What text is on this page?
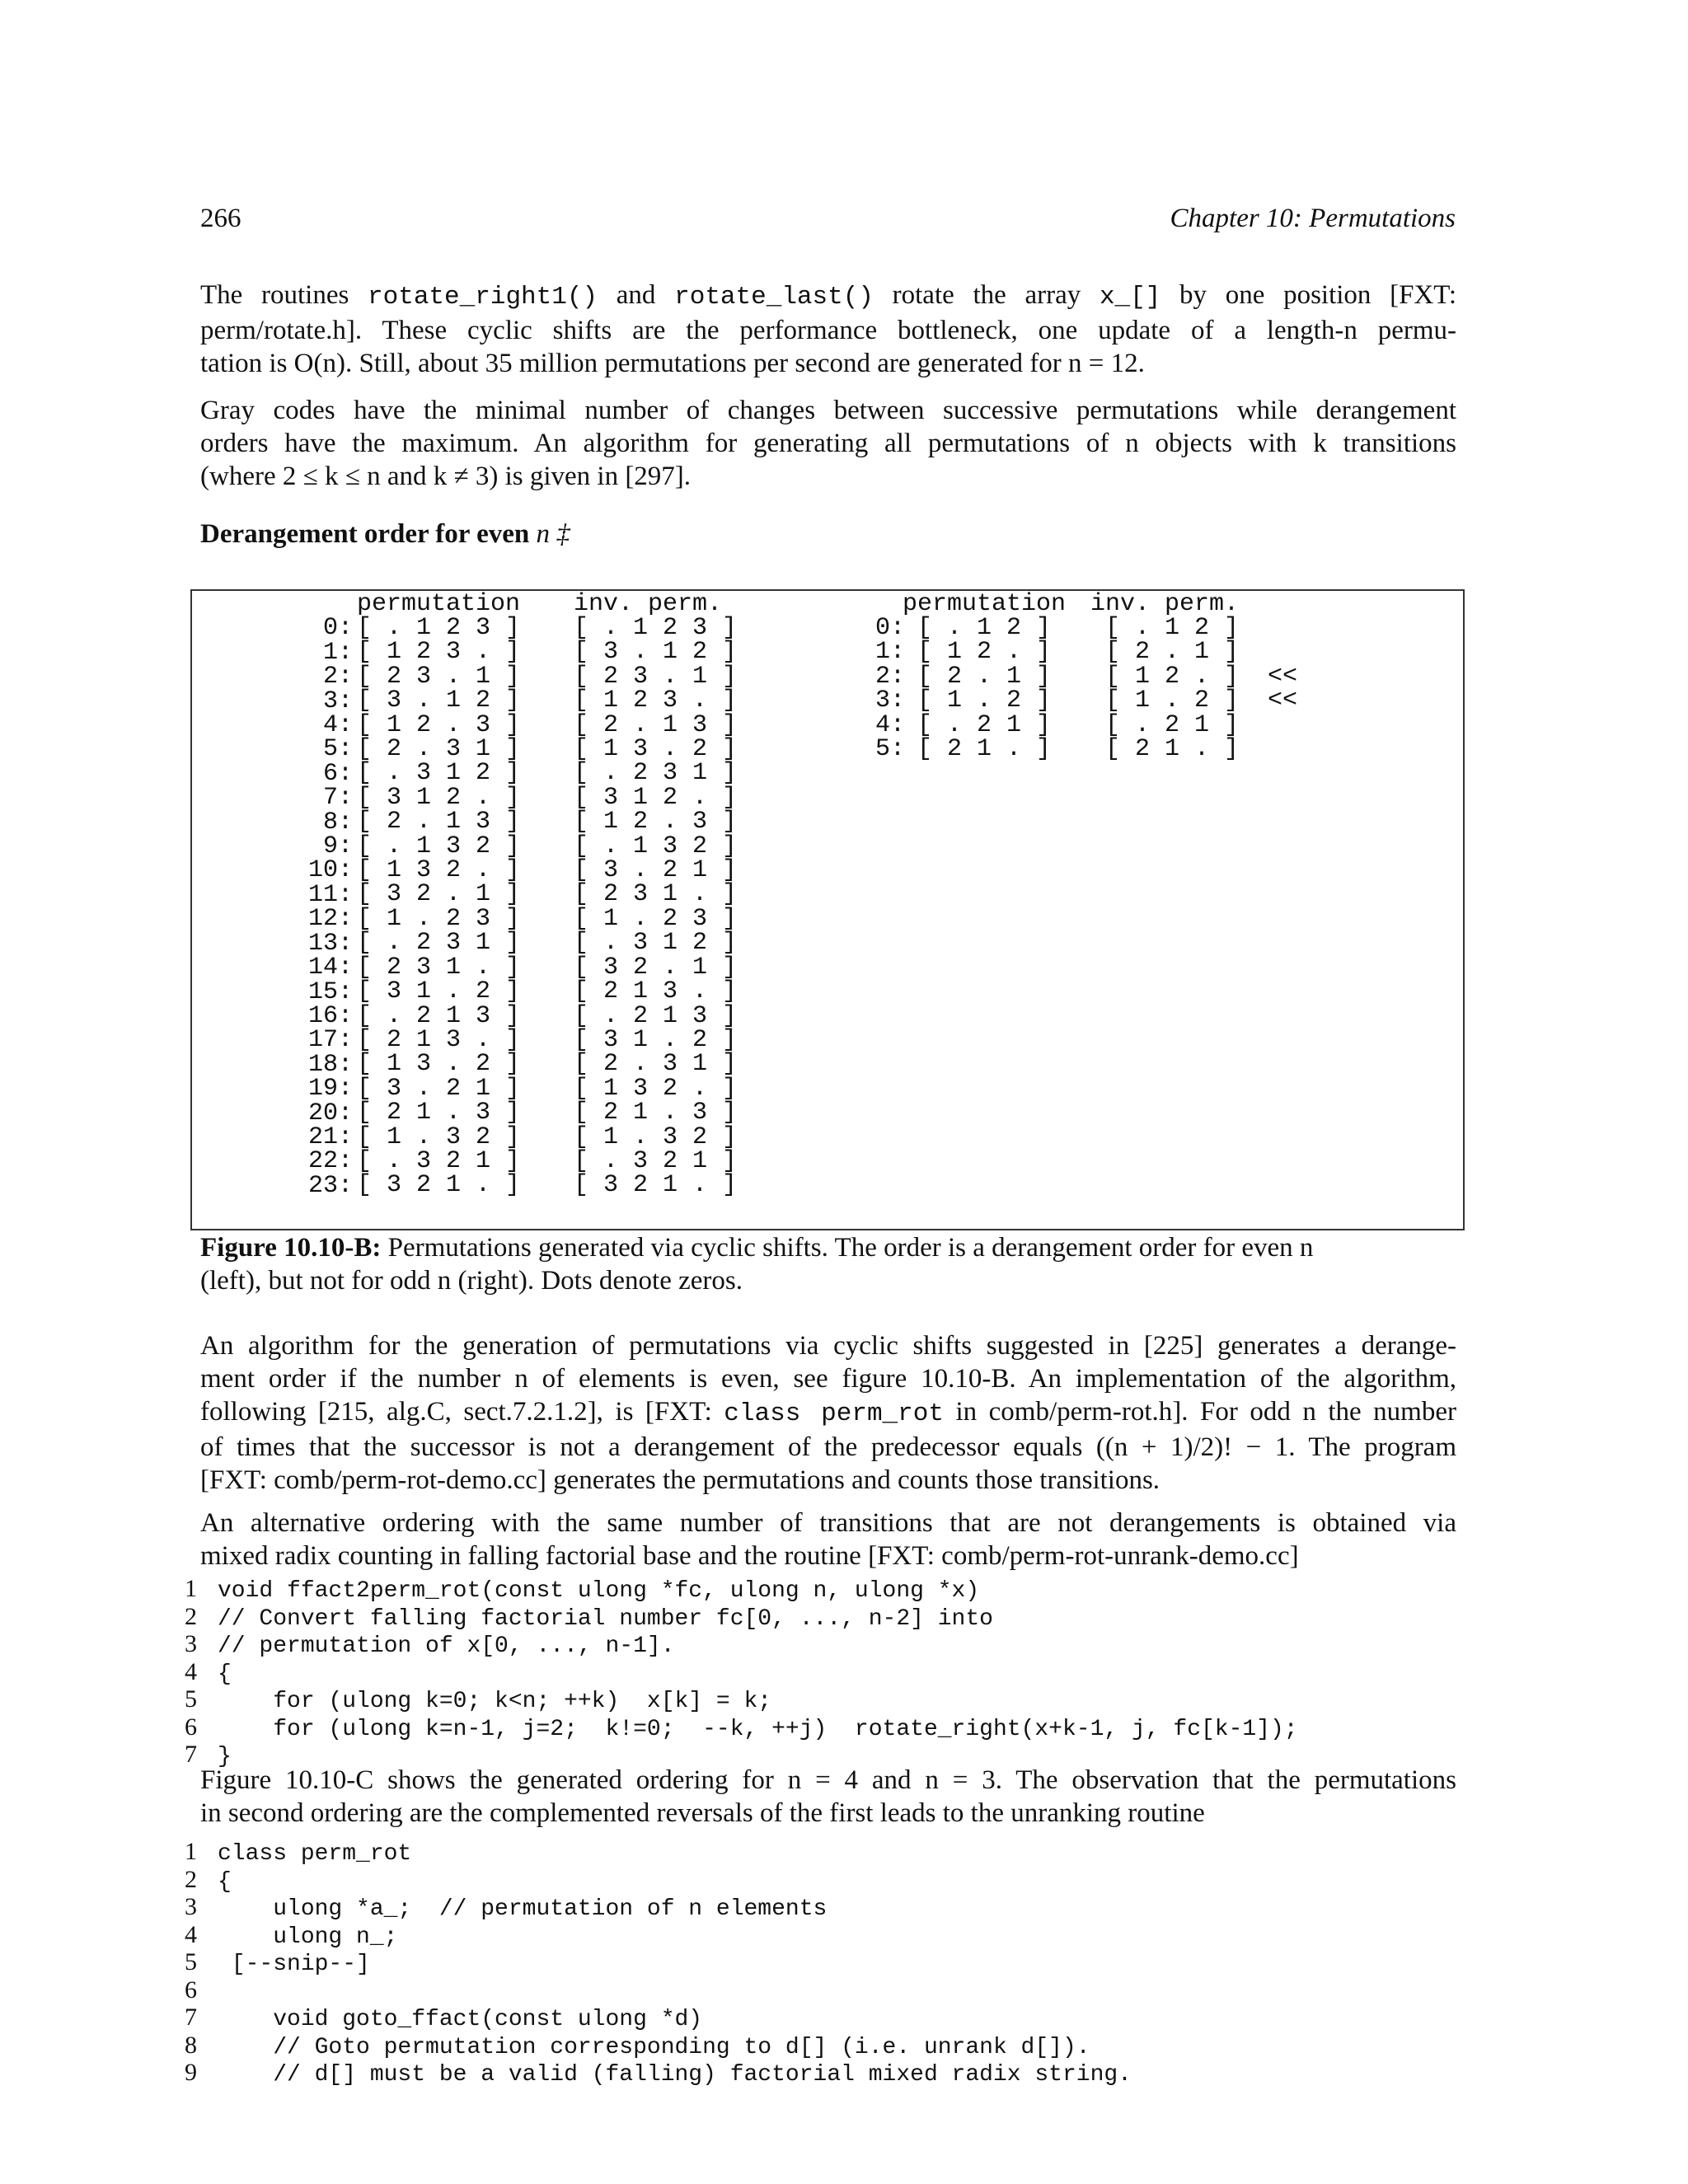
266	Chapter 10: Permutations
The routines rotate_right1() and rotate_last() rotate the array x_[] by one position [FXT:
perm/rotate.h]. These cyclic shifts are the performance bottleneck, one update of a length-n permu-
tation is O(n). Still, about 35 million permutations per second are generated for n = 12.
Gray codes have the minimal number of changes between successive permutations while derangement
orders have the maximum. An algorithm for generating all permutations of n objects with k transitions
(where 2 ≤ k ≤ n and k ≠ 3) is given in [297].
Derangement order for even n ‡

0:
1:
2:
3:
4:
5:
6:
7:
8:
9:
10:
11:
12:
13:
14:
15:
16:
17:
18:
19:
20:
21:
22:
23:
permutation inv. perm.
[ . 1 2 3 ]
[ 1 2 3 . ]
[ 2 3 . 1 ]
[ 3 . 1 2 ]
[ 1 2 . 3 ]
[ 2 . 3 1 ]
[ . 3 1 2 ]
[ 3 1 2 . ]
[ 2 . 1 3 ]
[ . 1 3 2 ]
[ 1 3 2 . ]
[ 3 2 . 1 ]
[ 1 . 2 3 ]
[ . 2 3 1 ]
[ 2 3 1 . ]
[ 3 1 . 2 ]
[ . 2 1 3 ]
[ 2 1 3 . ]
[ 1 3 . 2 ]
[ 3 . 2 1 ]
[ 2 1 . 3 ]
[ 1 . 3 2 ]
[ . 3 2 1 ]
[ 3 2 1 . ]
[ . 1 2 3 ]
[ 3 . 1 2 ]
[ 2 3 . 1 ]
[ 1 2 3 . ]
[ 2 . 1 3 ]
[ 1 3 . 2 ]
[ . 2 3 1 ]
[ 3 1 2 . ]
[ 1 2 . 3 ]
[ . 1 3 2 ]
[ 3 . 2 1 ]
[ 2 3 1 . ]
[ 1 . 2 3 ]
[ . 3 1 2 ]
[ 3 2 . 1 ]
[ 2 1 3 . ]
[ . 2 1 3 ]
[ 3 1 . 2 ]
[ 2 . 3 1 ]
[ 1 3 2 . ]
[ 2 1 . 3 ]
[ 1 . 3 2 ]
[ . 3 2 1 ]
[ 3 2 1 . ]
0:
1:
2:
3:
4:
5:
permutation inv. perm.
[ . 1 2 ]
[ 1 2 . ]
[ 2 . 1 ]
[ 1 . 2 ]
[ . 2 1 ]
[ 2 1 . ]
[ . 1 2 ]
[ 2 . 1 ]
[ 1 2 . ]
[ 1 . 2 ]
[ . 2 1 ]
[ 2 1 . ]

<<
<<

Figure 10.10-B: Permutations generated via cyclic shifts. The order is a derangement order for even n
(left), but not for odd n (right). Dots denote zeros.
An algorithm for the generation of permutations via cyclic shifts suggested in [225] generates a derange-
ment order if the number n of elements is even, see figure 10.10-B. An implementation of the algorithm,
following [215, alg.C, sect.7.2.1.2], is [FXT: class perm_rot in comb/perm-rot.h]. For odd n the number
of times that the successor is not a derangement of the predecessor equals ((n + 1)/2)! − 1. The program
[FXT: comb/perm-rot-demo.cc] generates the permutations and counts those transitions.
An alternative ordering with the same number of transitions that are not derangements is obtained via
mixed radix counting in falling factorial base and the routine [FXT: comb/perm-rot-unrank-demo.cc]
1 void ffact2perm_rot(const ulong *fc, ulong n, ulong *x)
2 // Convert falling factorial number fc[0, ..., n-2] into
3 // permutation of x[0, ..., n-1].
4 {
5    for (ulong k=0; k<n; ++k)  x[k] = k;
6    for (ulong k=n-1, j=2;  k!=0;  --k, ++j)  rotate_right(x+k-1, j, fc[k-1]);
7 }
Figure 10.10-C shows the generated ordering for n = 4 and n = 3. The observation that the permutations
in second ordering are the complemented reversals of the first leads to the unranking routine
1 class perm_rot
2 {
3    ulong *a_;  // permutation of n elements
4    ulong n_;
5 [--snip--]
6
7    void goto_ffact(const ulong *d)
8    // Goto permutation corresponding to d[] (i.e. unrank d[]).
9    // d[] must be a valid (falling) factorial mixed radix string.
